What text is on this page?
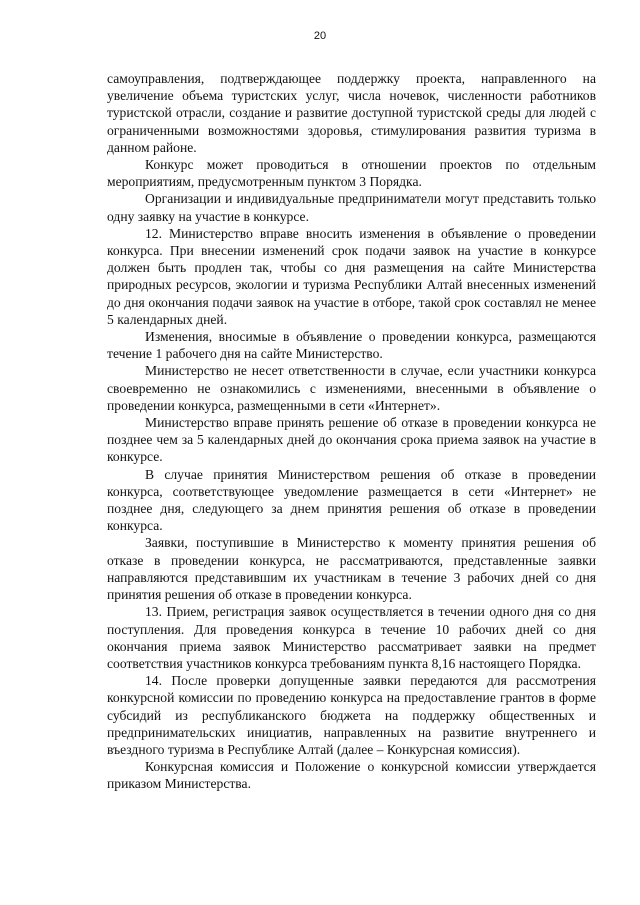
20

самоуправления, подтверждающее поддержку проекта, направленного на увеличение объема туристских услуг, числа ночевок, численности работников туристской отрасли, создание и развитие доступной туристской среды для людей с ограниченными возможностями здоровья, стимулирования развития туризма в данном районе.

Конкурс может проводиться в отношении проектов по отдельным мероприятиям, предусмотренным пунктом 3 Порядка.

Организации и индивидуальные предприниматели могут представить только одну заявку на участие в конкурсе.

12. Министерство вправе вносить изменения в объявление о проведении конкурса. При внесении изменений срок подачи заявок на участие в конкурсе должен быть продлен так, чтобы со дня размещения на сайте Министерства природных ресурсов, экологии и туризма Республики Алтай внесенных изменений до дня окончания подачи заявок на участие в отборе, такой срок составлял не менее 5 календарных дней.

Изменения, вносимые в объявление о проведении конкурса, размещаются течение 1 рабочего дня на сайте Министерство.

Министерство не несет ответственности в случае, если участники конкурса своевременно не ознакомились с изменениями, внесенными в объявление о проведении конкурса, размещенными в сети «Интернет».

Министерство вправе принять решение об отказе в проведении конкурса не позднее чем за 5 календарных дней до окончания срока приема заявок на участие в конкурсе.

В случае принятия Министерством решения об отказе в проведении конкурса, соответствующее уведомление размещается в сети «Интернет» не позднее дня, следующего за днем принятия решения об отказе в проведении конкурса.

Заявки, поступившие в Министерство к моменту принятия решения об отказе в проведении конкурса, не рассматриваются, представленные заявки направляются представившим их участникам в течение 3 рабочих дней со дня принятия решения об отказе в проведении конкурса.

13. Прием, регистрация заявок осуществляется в течении одного дня со дня поступления. Для проведения конкурса в течение 10 рабочих дней со дня окончания приема заявок Министерство рассматривает заявки на предмет соответствия участников конкурса требованиям пункта 8,16 настоящего Порядка.

14. После проверки допущенные заявки передаются для рассмотрения конкурсной комиссии по проведению конкурса на предоставление грантов в форме субсидий из республиканского бюджета на поддержку общественных и предпринимательских инициатив, направленных на развитие внутреннего и въездного туризма в Республике Алтай (далее – Конкурсная комиссия).

Конкурсная комиссия и Положение о конкурсной комиссии утверждается приказом Министерства.
